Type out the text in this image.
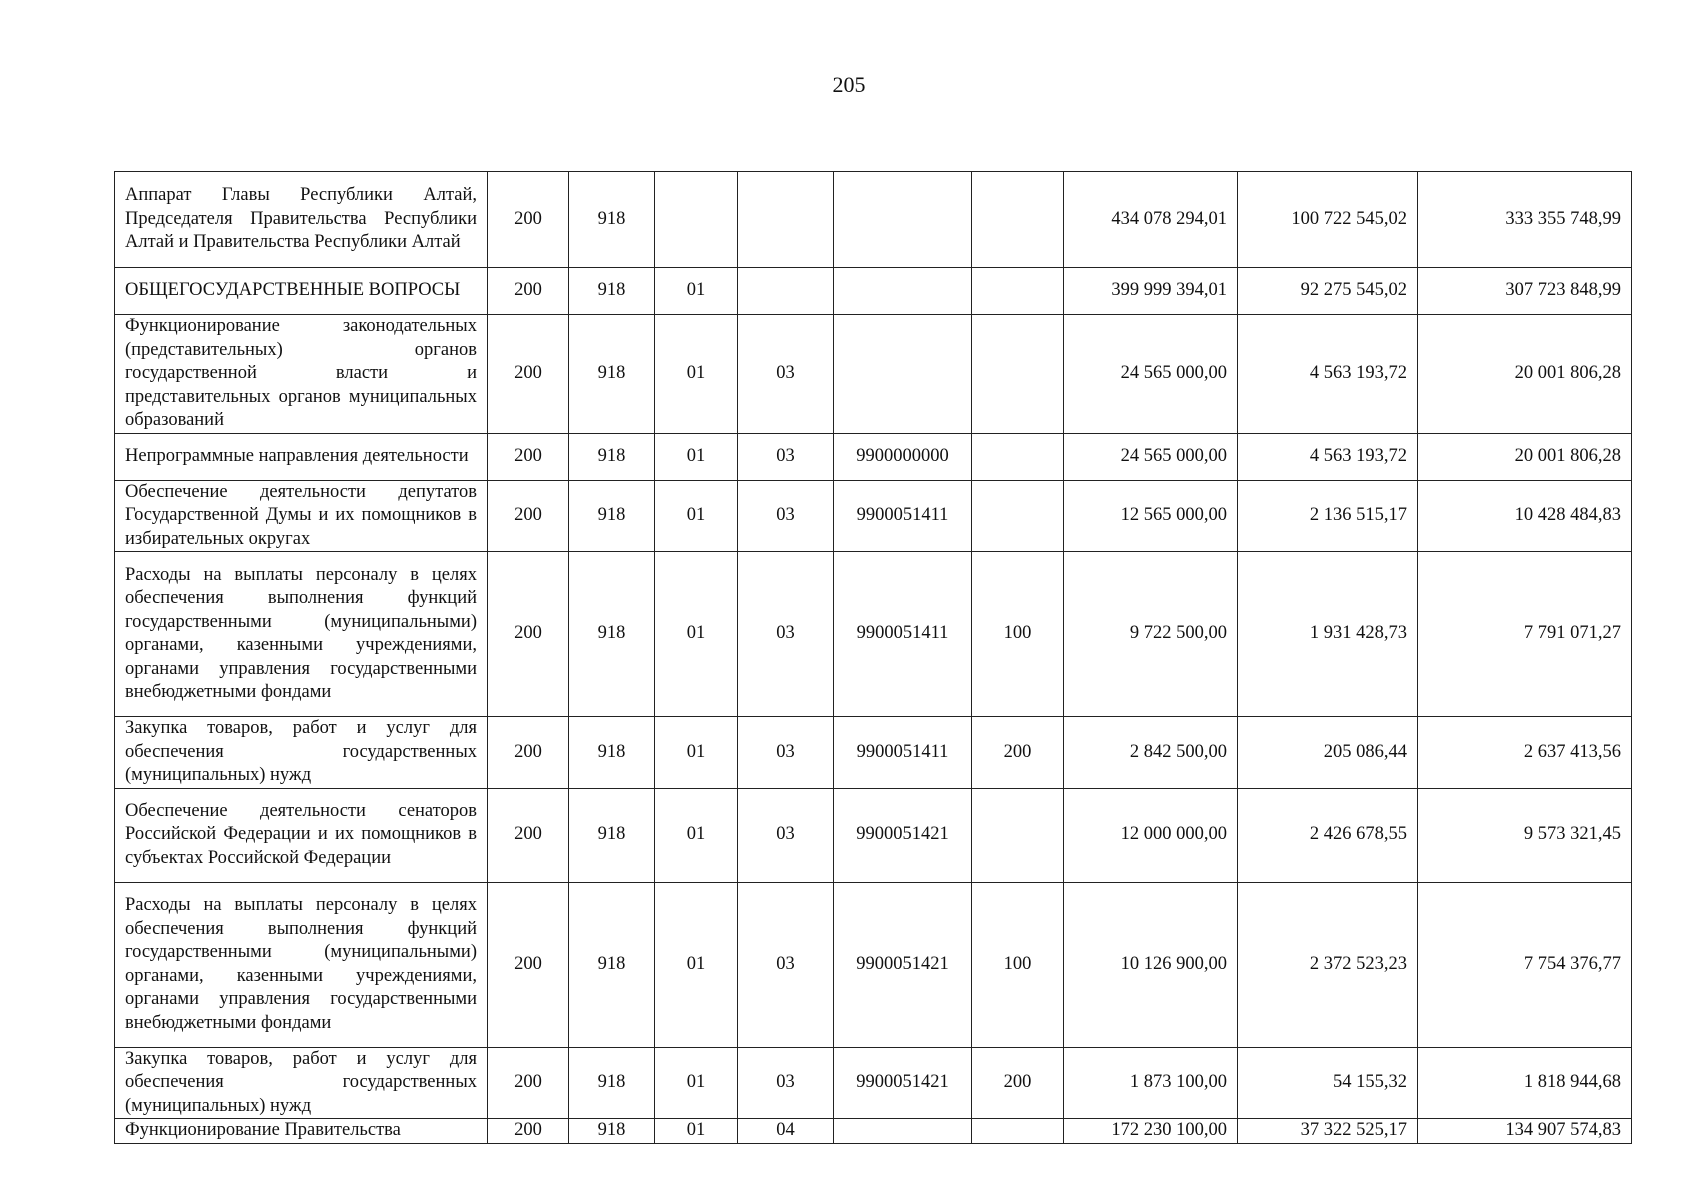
205
Аппарат Главы Республики Алтай, Председателя Правительства Республики Алтай и Правительства Республики Алтай	200	918					434 078 294,01	100 722 545,02	333 355 748,99
ОБЩЕГОСУДАРСТВЕННЫЕ ВОПРОСЫ	200	918	01				399 999 394,01	92 275 545,02	307 723 848,99
Функционирование законодательных (представительных) органов государственной власти и представительных органов муниципальных образований	200	918	01	03			24 565 000,00	4 563 193,72	20 001 806,28
Непрограммные направления деятельности	200	918	01	03	9900000000		24 565 000,00	4 563 193,72	20 001 806,28
Обеспечение деятельности депутатов Государственной Думы и их помощников в избирательных округах	200	918	01	03	9900051411		12 565 000,00	2 136 515,17	10 428 484,83
Расходы на выплаты персоналу в целях обеспечения выполнения функций государственными (муниципальными) органами, казенными учреждениями, органами управления государственными внебюджетными фондами	200	918	01	03	9900051411	100	9 722 500,00	1 931 428,73	7 791 071,27
Закупка товаров, работ и услуг для обеспечения государственных (муниципальных) нужд	200	918	01	03	9900051411	200	2 842 500,00	205 086,44	2 637 413,56
Обеспечение деятельности сенаторов Российской Федерации и их помощников в субъектах Российской Федерации	200	918	01	03	9900051421		12 000 000,00	2 426 678,55	9 573 321,45
Расходы на выплаты персоналу в целях обеспечения выполнения функций государственными (муниципальными) органами, казенными учреждениями, органами управления государственными внебюджетными фондами	200	918	01	03	9900051421	100	10 126 900,00	2 372 523,23	7 754 376,77
Закупка товаров, работ и услуг для обеспечения государственных (муниципальных) нужд	200	918	01	03	9900051421	200	1 873 100,00	54 155,32	1 818 944,68
Функционирование Правительства	200	918	01	04			172 230 100,00	37 322 525,17	134 907 574,83
